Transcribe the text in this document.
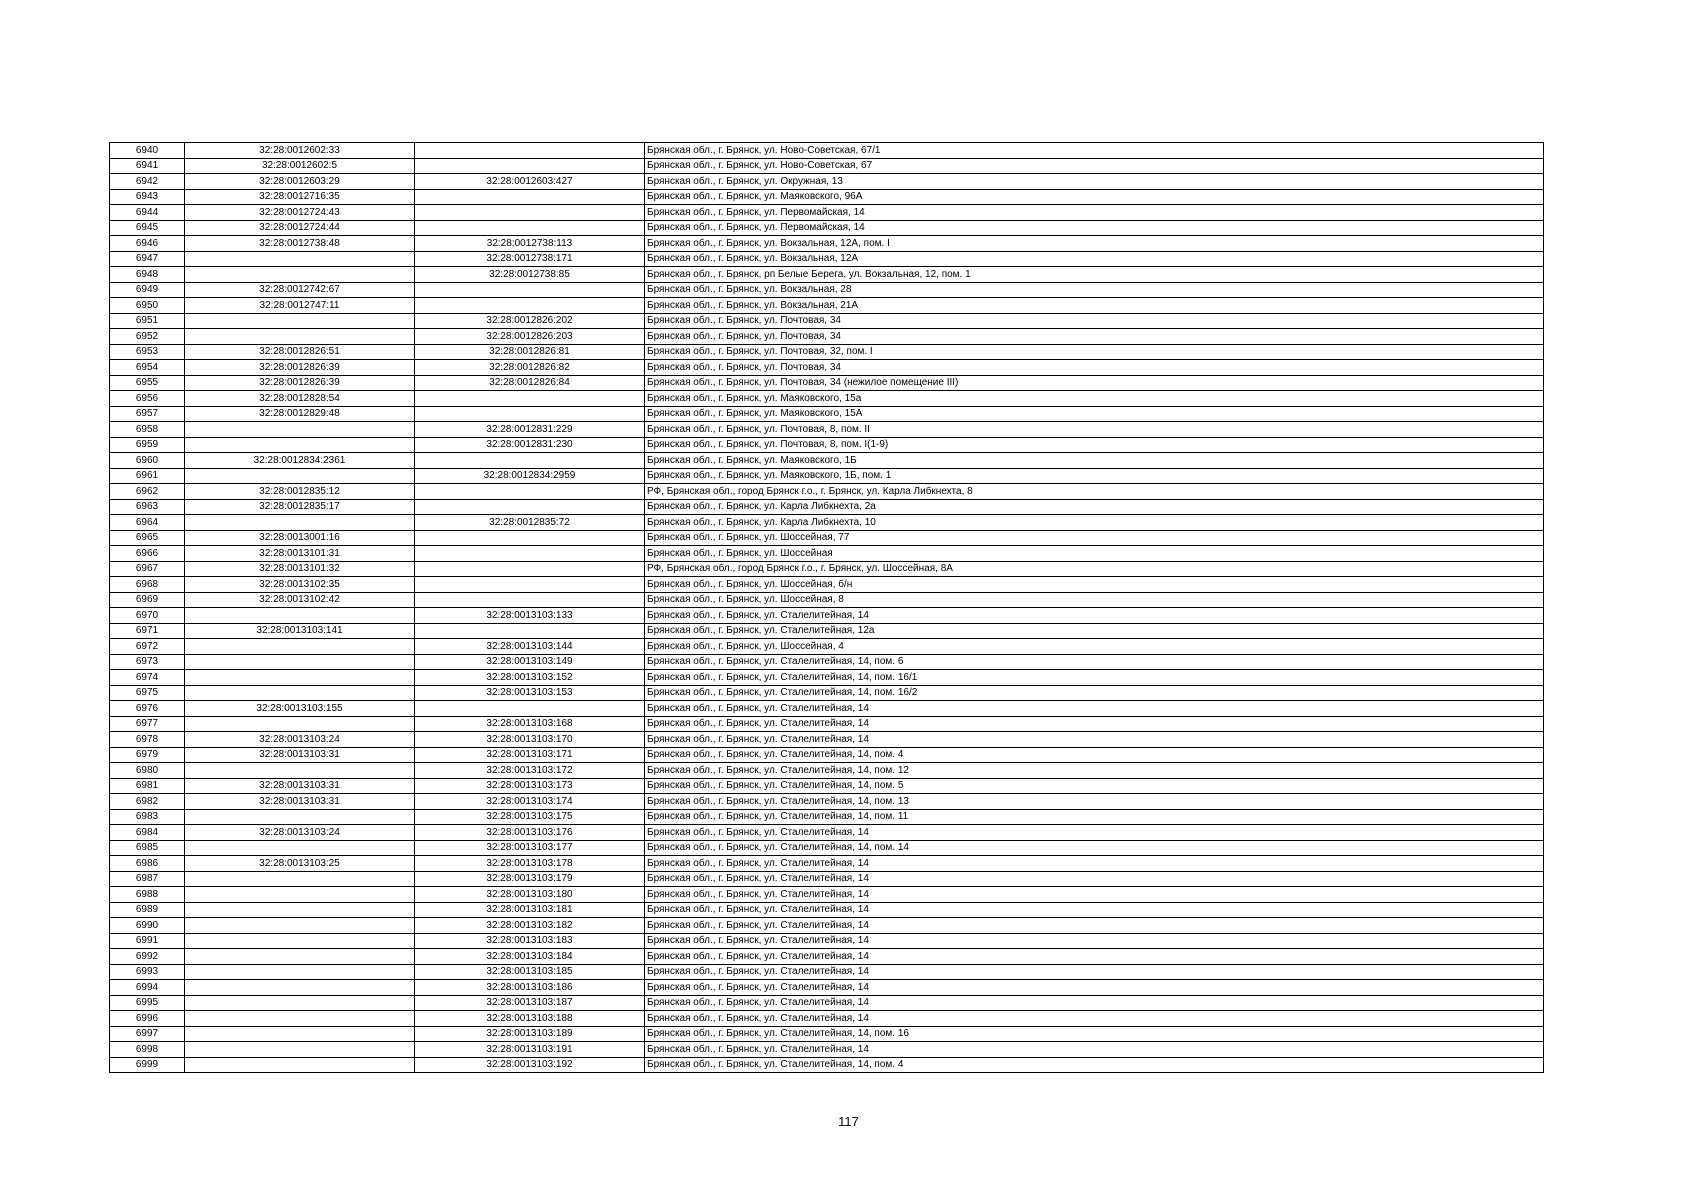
6940	32:28:0012602:33		Брянская обл., г. Брянск, ул. Ново-Советская, 67/1
6941	32:28:0012602:5		Брянская обл., г. Брянск, ул. Ново-Советская, 67
6942	32:28:0012603:29	32:28:0012603:427	Брянская обл., г. Брянск, ул. Окружная, 13
6943	32:28:0012716:35		Брянская обл., г. Брянск, ул. Маяковского, 96А
6944	32:28:0012724:43		Брянская обл., г. Брянск, ул. Первомайская, 14
6945	32:28:0012724:44		Брянская обл., г. Брянск, ул. Первомайская, 14
6946	32:28:0012738:48	32:28:0012738:113	Брянская обл., г. Брянск, ул. Вокзальная, 12А, пом. I
6947		32:28:0012738:171	Брянская обл., г. Брянск, ул. Вокзальная, 12А
6948		32:28:0012738:85	Брянская обл., г. Брянск, рп Белые Берега, ул. Вокзальная, 12, пом. 1
6949	32:28:0012742:67		Брянская обл., г. Брянск, ул. Вокзальная, 28
6950	32:28:0012747:11		Брянская обл., г. Брянск, ул. Вокзальная, 21А
6951		32:28:0012826:202	Брянская обл., г. Брянск, ул. Почтовая, 34
6952		32:28:0012826:203	Брянская обл., г. Брянск, ул. Почтовая, 34
6953	32:28:0012826:51	32:28:0012826:81	Брянская обл., г. Брянск, ул. Почтовая, 32, пом. I
6954	32:28:0012826:39	32:28:0012826:82	Брянская обл., г. Брянск, ул. Почтовая, 34
6955	32:28:0012826:39	32:28:0012826:84	Брянская обл., г. Брянск, ул. Почтовая, 34 (нежилое помещение III)
6956	32:28:0012828:54		Брянская обл., г. Брянск, ул. Маяковского, 15а
6957	32:28:0012829:48		Брянская обл., г. Брянск, ул. Маяковского, 15А
6958		32:28:0012831:229	Брянская обл., г. Брянск, ул. Почтовая, 8, пом. II
6959		32:28:0012831:230	Брянская обл., г. Брянск, ул. Почтовая, 8, пом. I(1-9)
6960	32:28:0012834:2361		Брянская обл., г. Брянск, ул. Маяковского, 1Б
6961		32:28:0012834:2959	Брянская обл., г. Брянск, ул. Маяковского, 1Б, пом. 1
6962	32:28:0012835:12		РФ, Брянская обл., город Брянск г.о., г. Брянск, ул. Карла Либкнехта, 8
6963	32:28:0012835:17		Брянская обл., г. Брянск, ул. Карла Либкнехта, 2а
6964		32:28:0012835:72	Брянская обл., г. Брянск, ул. Карла Либкнехта, 10
6965	32:28:0013001:16		Брянская обл., г. Брянск, ул. Шоссейная, 77
6966	32:28:0013101:31		Брянская обл., г. Брянск, ул. Шоссейная
6967	32:28:0013101:32		РФ, Брянская обл., город Брянск г.о., г. Брянск, ул. Шоссейная, 8А
6968	32:28:0013102:35		Брянская обл., г. Брянск, ул. Шоссейная, б/н
6969	32:28:0013102:42		Брянская обл., г. Брянск, ул. Шоссейная, 8
6970		32:28:0013103:133	Брянская обл., г. Брянск, ул. Сталелитейная, 14
6971	32:28:0013103:141		Брянская обл., г. Брянск, ул. Сталелитейная, 12а
6972		32:28:0013103:144	Брянская обл., г. Брянск, ул. Шоссейная, 4
6973		32:28:0013103:149	Брянская обл., г. Брянск, ул. Сталелитейная, 14, пом. 6
6974		32:28:0013103:152	Брянская обл., г. Брянск, ул. Сталелитейная, 14, пом. 16/1
6975		32:28:0013103:153	Брянская обл., г. Брянск, ул. Сталелитейная, 14, пом. 16/2
6976	32:28:0013103:155		Брянская обл., г. Брянск, ул. Сталелитейная, 14
6977		32:28:0013103:168	Брянская обл., г. Брянск, ул. Сталелитейная, 14
6978	32:28:0013103:24	32:28:0013103:170	Брянская обл., г. Брянск, ул. Сталелитейная, 14
6979	32:28:0013103:31	32:28:0013103:171	Брянская обл., г. Брянск, ул. Сталелитейная, 14, пом. 4
6980		32:28:0013103:172	Брянская обл., г. Брянск, ул. Сталелитейная, 14, пом. 12
6981	32:28:0013103:31	32:28:0013103:173	Брянская обл., г. Брянск, ул. Сталелитейная, 14, пом. 5
6982	32:28:0013103:31	32:28:0013103:174	Брянская обл., г. Брянск, ул. Сталелитейная, 14, пом. 13
6983		32:28:0013103:175	Брянская обл., г. Брянск, ул. Сталелитейная, 14, пом. 11
6984	32:28:0013103:24	32:28:0013103:176	Брянская обл., г. Брянск, ул. Сталелитейная, 14
6985		32:28:0013103:177	Брянская обл., г. Брянск, ул. Сталелитейная, 14, пом. 14
6986	32:28:0013103:25	32:28:0013103:178	Брянская обл., г. Брянск, ул. Сталелитейная, 14
6987		32:28:0013103:179	Брянская обл., г. Брянск, ул. Сталелитейная, 14
6988		32:28:0013103:180	Брянская обл., г. Брянск, ул. Сталелитейная, 14
6989		32:28:0013103:181	Брянская обл., г. Брянск, ул. Сталелитейная, 14
6990		32:28:0013103:182	Брянская обл., г. Брянск, ул. Сталелитейная, 14
6991		32:28:0013103:183	Брянская обл., г. Брянск, ул. Сталелитейная, 14
6992		32:28:0013103:184	Брянская обл., г. Брянск, ул. Сталелитейная, 14
6993		32:28:0013103:185	Брянская обл., г. Брянск, ул. Сталелитейная, 14
6994		32:28:0013103:186	Брянская обл., г. Брянск, ул. Сталелитейная, 14
6995		32:28:0013103:187	Брянская обл., г. Брянск, ул. Сталелитейная, 14
6996		32:28:0013103:188	Брянская обл., г. Брянск, ул. Сталелитейная, 14
6997		32:28:0013103:189	Брянская обл., г. Брянск, ул. Сталелитейная, 14, пом. 16
6998		32:28:0013103:191	Брянская обл., г. Брянск, ул. Сталелитейная, 14
6999		32:28:0013103:192	Брянская обл., г. Брянск, ул. Сталелитейная, 14, пом. 4
117
